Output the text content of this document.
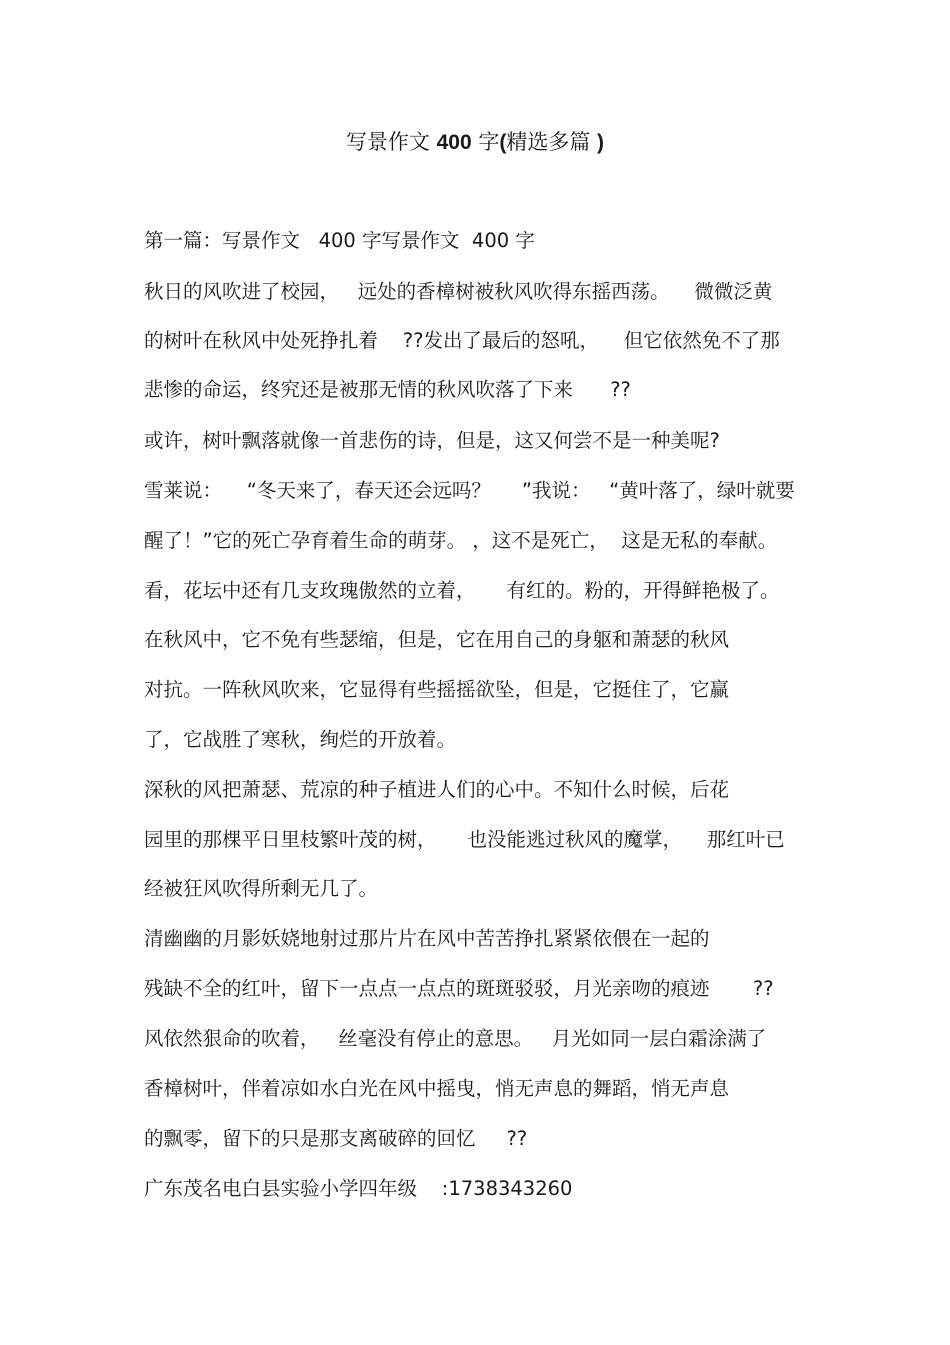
写景作文 400 字(精选多篇 )

第一篇：写景作文   400 字写景作文  400 字

秋日的风吹进了校园，   远处的香樟树被秋风吹得东摇西荡。    微微泛黄

的树叶在秋风中处死挣扎着    ??发出了最后的怒吼，    但它依然免不了那

悲惨的命运，终究还是被那无情的秋风吹落了下来      ??

或许，树叶飘落就像一首悲伤的诗，但是，这又何尝不是一种美呢?

雪莱说：    “冬天来了，春天还会远吗？     ”我说：   “黄叶落了，绿叶就要

醒了！”它的死亡孕育着生命的萌芽。 ，这不是死亡，  这是无私的奉献。

看，花坛中还有几支玫瑰傲然的立着，     有红的。粉的，开得鲜艳极了。

在秋风中，它不免有些瑟缩，但是，它在用自己的身躯和萧瑟的秋风

对抗。一阵秋风吹来，它显得有些摇摇欲坠，但是，它挺住了，它赢

了，它战胜了寒秋，绚烂的开放着。

深秋的风把萧瑟、荒凉的种子植进人们的心中。不知什么时候，后花

园里的那棵平日里枝繁叶茂的树，     也没能逃过秋风的魔掌，    那红叶已

经被狂风吹得所剩无几了。

清幽幽的月影妖娆地射过那片片在风中苦苦挣扎紧紧依偎在一起的

残缺不全的红叶，留下一点点一点点的斑斑驳驳，月光亲吻的痕迹       ??

风依然狠命的吹着，   丝毫没有停止的意思。   月光如同一层白霜涂满了

香樟树叶，伴着凉如水白光在风中摇曳，悄无声息的舞蹈，悄无声息

的飘零，留下的只是那支离破碎的回忆     ??

广东茂名电白县实验小学四年级    :1738343260
